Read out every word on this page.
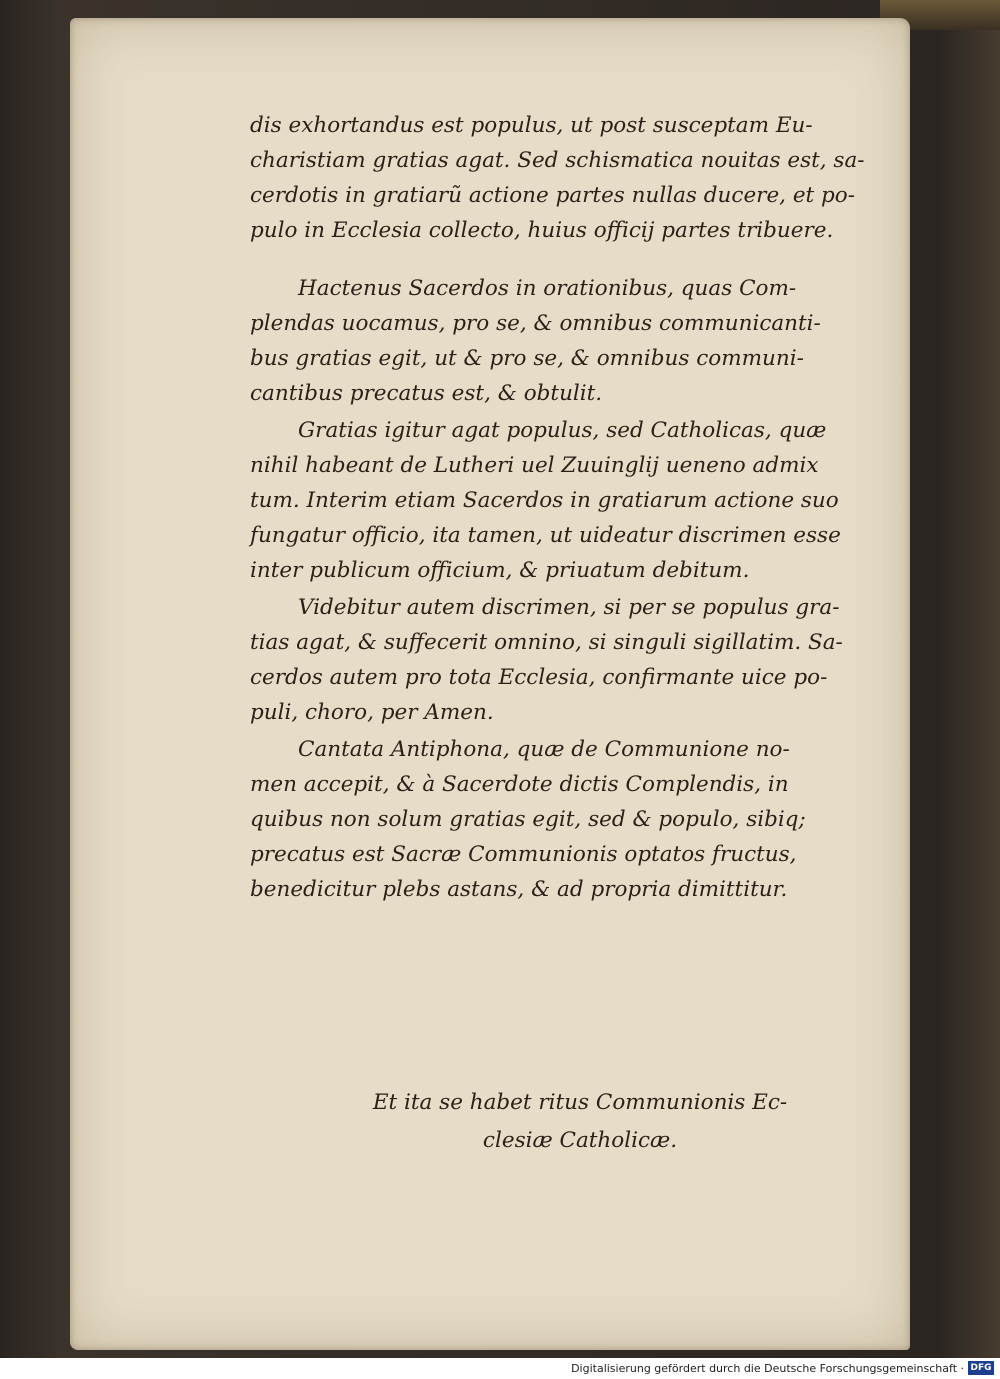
dis exhortandus est populus, ut post susceptam Eu-
charistiam gratias agat. Sed schismatica nouitas est, sa-
cerdotis in gratiarũ actione partes nullas ducere, et po-
pulo in Ecclesia collecto, huius officij partes tribuere.
Hactenus Sacerdos in orationibus, quas Com-
plendas uocamus, pro se, & omnibus communicanti-
bus gratias egit, ut & pro se, & omnibus communi-
cantibus precatus est, & obtulit.
Gratias igitur agat populus, sed Catholicas, quæ
nihil habeant de Lutheri uel Zuuinglij ueneno admix
tum. Interim etiam Sacerdos in gratiarum actione suo
fungatur officio, ita tamen, ut uideatur discrimen esse
inter publicum officium, & priuatum debitum.
Videbitur autem discrimen, si per se populus gra-
tias agat, & suffecerit omnino, si singuli sigillatim. Sa-
cerdos autem pro tota Ecclesia, confirmante uice po-
puli, choro, per Amen.
Cantata Antiphona, quæ de Communione no-
men accepit, & à Sacerdote dictis Complendis, in
quibus non solum gratias egit, sed & populo, sibiq;
precatus est Sacræ Communionis optatos fructus,
benedicitur plebs astans, & ad propria dimittitur.
Et ita se habet ritus Communionis Ec-
clesiæ Catholicæ.
Digitalisierung gefördert durch die Deutsche Forschungsgemeinschaft · DFG
